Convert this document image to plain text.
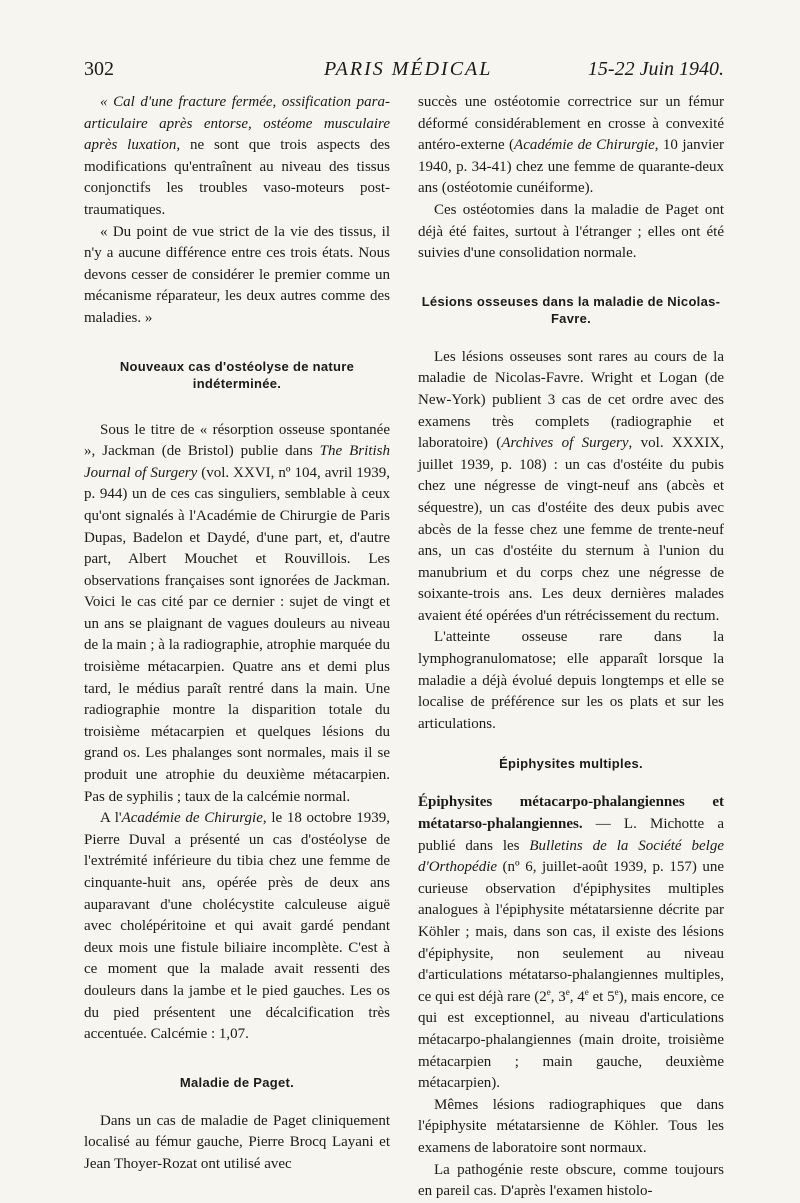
302	PARIS MÉDICAL	15-22 Juin 1940.

« Cal d'une fracture fermée, ossification para-articulaire après entorse, ostéome musculaire après luxation, ne sont que trois aspects des modifications qu'entraînent au niveau des tissus conjonctifs les troubles vaso-moteurs post-traumatiques.

« Du point de vue strict de la vie des tissus, il n'y a aucune différence entre ces trois états. Nous devons cesser de considérer le premier comme un mécanisme réparateur, les deux autres comme des maladies. »

Nouveaux cas d'ostéolyse de nature indéterminée.

Sous le titre de « résorption osseuse spontanée », Jackman (de Bristol) publie dans The British Journal of Surgery (vol. XXVI, nº 104, avril 1939, p. 944) un de ces cas singuliers, semblable à ceux qu'ont signalés à l'Académie de Chirurgie de Paris Dupas, Badelon et Daydé, d'une part, et, d'autre part, Albert Mouchet et Rouvillois. Les observations françaises sont ignorées de Jackman. Voici le cas cité par ce dernier : sujet de vingt et un ans se plaignant de vagues douleurs au niveau de la main ; à la radiographie, atrophie marquée du troisième métacarpien. Quatre ans et demi plus tard, le médius paraît rentré dans la main. Une radiographie montre la disparition totale du troisième métacarpien et quelques lésions du grand os. Les phalanges sont normales, mais il se produit une atrophie du deuxième métacarpien. Pas de syphilis ; taux de la calcémie normal.

A l'Académie de Chirurgie, le 18 octobre 1939, Pierre Duval a présenté un cas d'ostéolyse de l'extrémité inférieure du tibia chez une femme de cinquante-huit ans, opérée près de deux ans auparavant d'une cholécystite calculeuse aiguë avec cholépéritoine et qui avait gardé pendant deux mois une fistule biliaire incomplète. C'est à ce moment que la malade avait ressenti des douleurs dans la jambe et le pied gauches. Les os du pied présentent une décalcification très accentuée. Calcémie : 1,07.

Maladie de Paget.

Dans un cas de maladie de Paget cliniquement localisé au fémur gauche, Pierre Brocq Layani et Jean Thoyer-Rozat ont utilisé avec

succès une ostéotomie correctrice sur un fémur déformé considérablement en crosse à convexité antéro-externe (Académie de Chirurgie, 10 janvier 1940, p. 34-41) chez une femme de quarante-deux ans (ostéotomie cunéiforme).

Ces ostéotomies dans la maladie de Paget ont déjà été faites, surtout à l'étranger ; elles ont été suivies d'une consolidation normale.

Lésions osseuses dans la maladie de Nicolas-Favre.

Les lésions osseuses sont rares au cours de la maladie de Nicolas-Favre. Wright et Logan (de New-York) publient 3 cas de cet ordre avec des examens très complets (radiographie et laboratoire) (Archives of Surgery, vol. XXXIX, juillet 1939, p. 108) : un cas d'ostéite du pubis chez une négresse de vingt-neuf ans (abcès et séquestre), un cas d'ostéite des deux pubis avec abcès de la fesse chez une femme de trente-neuf ans, un cas d'ostéite du sternum à l'union du manubrium et du corps chez une négresse de soixante-trois ans. Les deux dernières malades avaient été opérées d'un rétrécissement du rectum.

L'atteinte osseuse rare dans la lymphogranulomatose; elle apparaît lorsque la maladie a déjà évolué depuis longtemps et elle se localise de préférence sur les os plats et sur les articulations.

Épiphysites multiples.

Épiphysites métacarpo-phalangiennes et métatarso-phalangiennes. — L. Michotte a publié dans les Bulletins de la Société belge d'Orthopédie (nº 6, juillet-août 1939, p. 157) une curieuse observation d'épiphysites multiples analogues à l'épiphysite métatarsienne décrite par Köhler ; mais, dans son cas, il existe des lésions d'épiphysite, non seulement au niveau d'articulations métatarso-phalangiennes multiples, ce qui est déjà rare (2e, 3e, 4e et 5e), mais encore, ce qui est exceptionnel, au niveau d'articulations métacarpo-phalangiennes (main droite, troisième métacarpien ; main gauche, deuxième métacarpien).

Mêmes lésions radiographiques que dans l'épiphysite métatarsienne de Köhler. Tous les examens de laboratoire sont normaux.

La pathogénie reste obscure, comme toujours en pareil cas. D'après l'examen histolo-
